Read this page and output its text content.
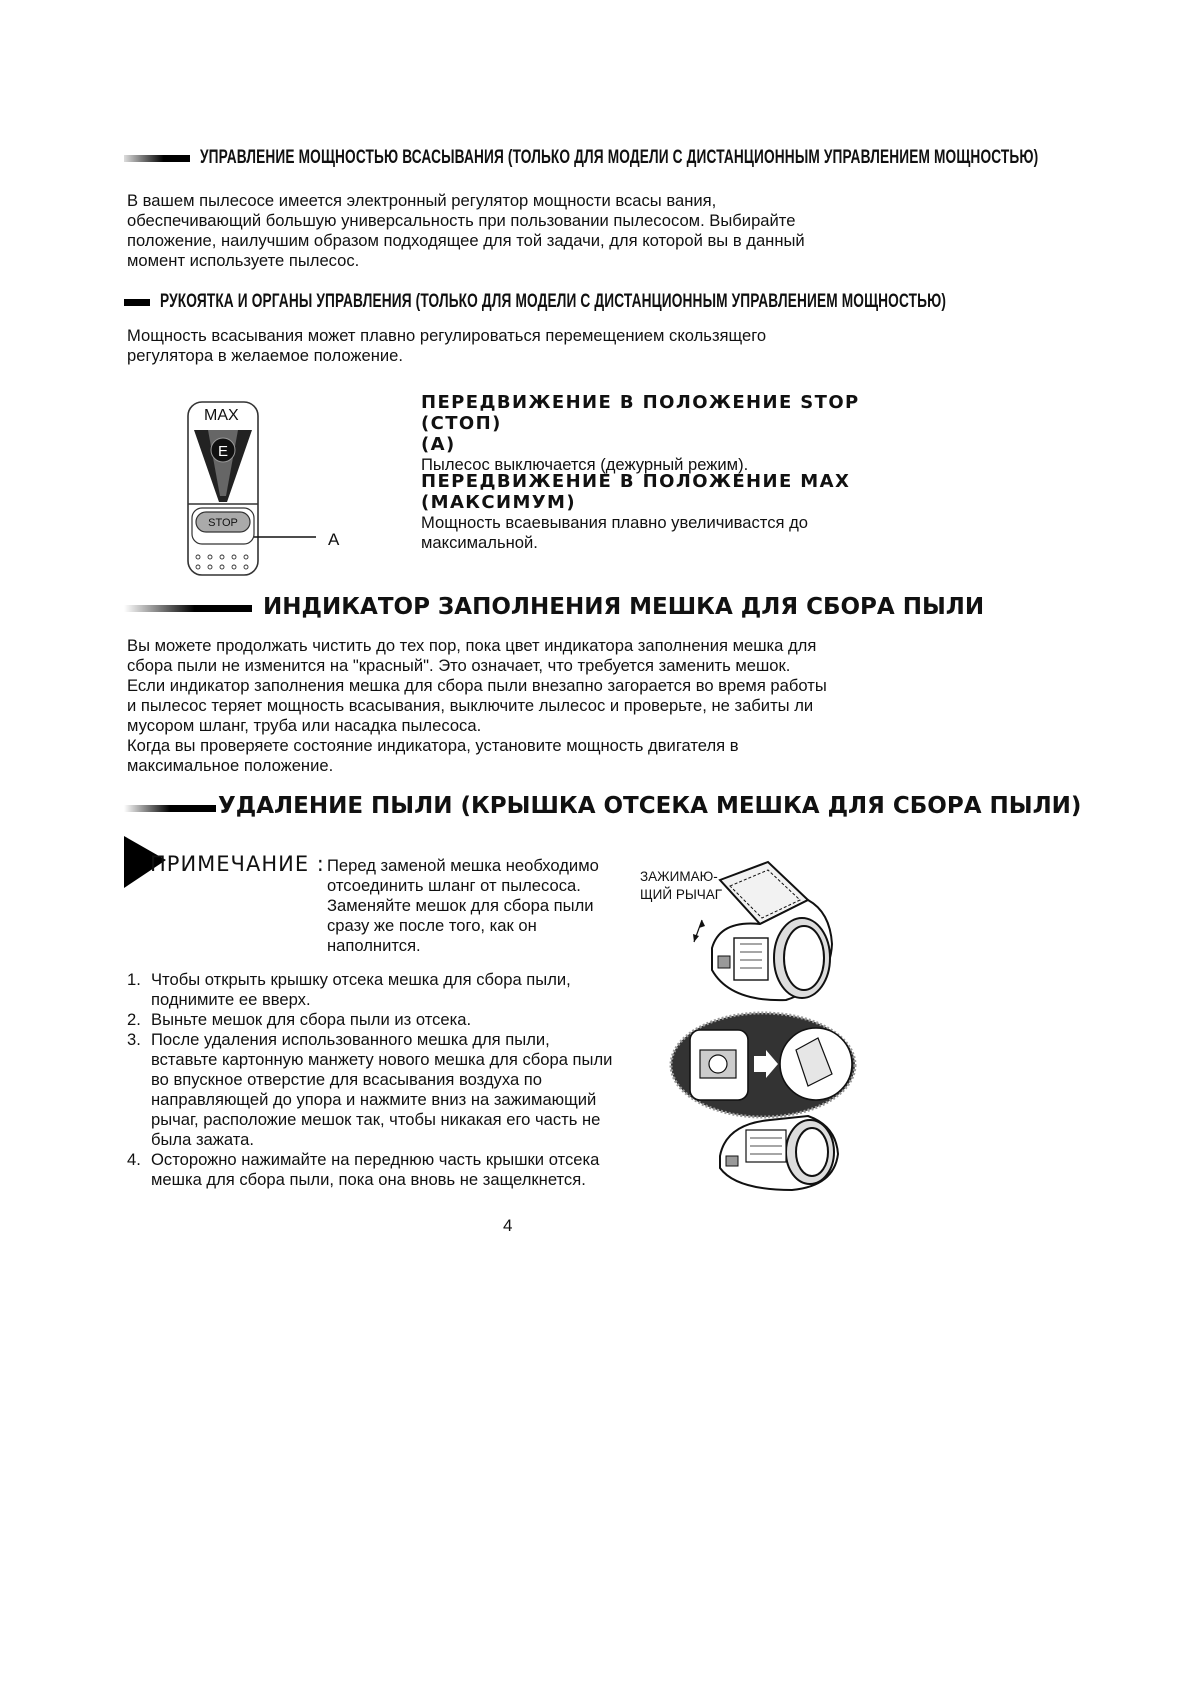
УПРАВЛЕНИЕ МОЩНОСТЬЮ ВСАСЫВАНИЯ (ТОЛЬКО ДЛЯ МОДЕЛИ С ДИСТАНЦИОННЫМ УПРАВЛЕНИЕМ МОЩНОСТЬЮ)
В вашем пылесосе имеется электронный регулятор мощности всасы вания,
обеспечивающий большую универсальность при пользовании пылесосом. Выбирайте
положение, наилучшим образом подходящее для той задачи, для которой вы в данный
момент используете пылесос.
РУКОЯТКА И ОРГАНЫ УПРАВЛЕНИЯ (ТОЛЬКО ДЛЯ МОДЕЛИ С ДИСТАНЦИОННЫМ УПРАВЛЕНИЕМ МОЩНОСТЬЮ)
Мощность всасывания может плавно регулироваться перемещением скользящего
регулятора в желаемое положение.
E
STOP
MAX
A
ПЕРЕДВИЖЕНИЕ В ПОЛОЖЕНИЕ STOP (СТОП)
(A)
Пылесос выключается (дежурный режим).
ПЕРЕДВИЖЕНИЕ В ПОЛОЖЕНИЕ MAX
(МАКСИМУМ)
Мощность всаевывания плавно увеличивастся до
максимальной.
ИНДИКАТОР ЗАПОЛНЕНИЯ МЕШКА ДЛЯ СБОРА ПЫЛИ
Вы можете продолжать чистить до тех пор, пока цвет индикатора заполнения мешка для
сбора пыли не изменится на "красный". Это означает, что требуется заменить мешок.
Если индикатор заполнения мешка для сбора пыли внезапно загорается во время работы
и пылесос теряет мощность всасывания, выключите лылесос и проверьте, не забиты ли
мусором шланг, труба или насадка пылесоса.
Когда вы проверяете состояние индикатора, установите мощность двигателя в
максимальное положение.
УДАЛЕНИЕ ПЫЛИ (КРЫШКА ОТСЕКА МЕШКА ДЛЯ СБОРА ПЫЛИ)
ПРИМЕЧАНИЕ : Перед заменой мешка необходимо
отсоединить шланг от пылесоса.
Заменяйте мешок для сбора пыли
сразу же после того, как он
наполнится.
1. Чтобы открыть крышку отсека мешка для сбора пыли,
поднимите ее вверх.
2. Выньте мешок для сбора пыли из отсека.
3. После удаления использованного мешка для пыли,
вставьте картонную манжету нового мешка для сбора пыли
во впускное отверстие для всасывания воздуха по
направляющей до упора и нажмите вниз на зажимающий
рычаг, расположие мешок так, чтобы никакая его часть не
была зажата.
4. Осторожно нажимайте на переднюю часть крышки отсека
мешка для сбора пыли, пока она вновь не защелкнется.
ЗАЖИМАЮ-
ЩИЙ РЫЧАГ
4
